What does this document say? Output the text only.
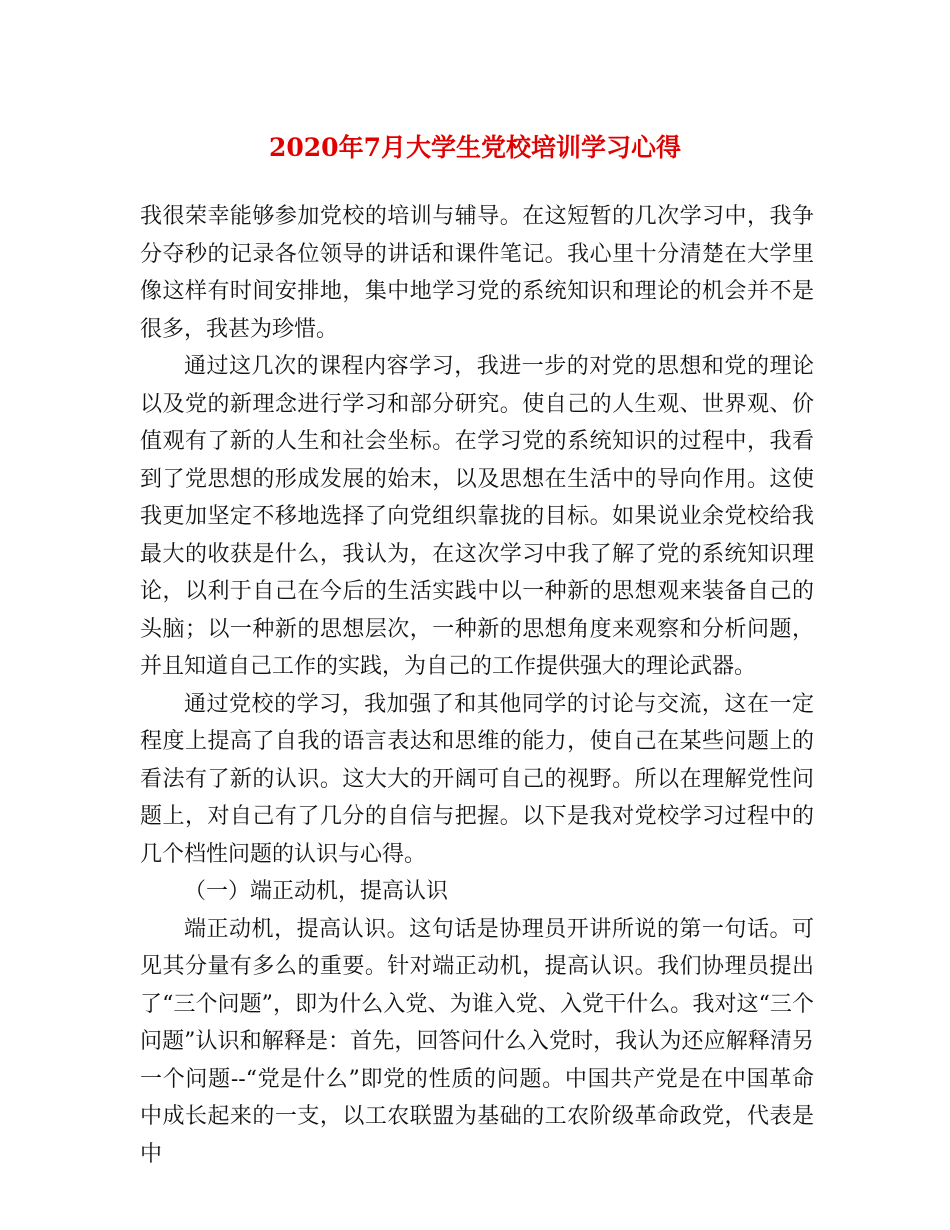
2020年7月大学生党校培训学习心得

我很荣幸能够参加党校的培训与辅导。在这短暂的几次学习中，我争分夺秒的记录各位领导的讲话和课件笔记。我心里十分清楚在大学里像这样有时间安排地，集中地学习党的系统知识和理论的机会并不是很多，我甚为珍惜。

通过这几次的课程内容学习，我进一步的对党的思想和党的理论以及党的新理念进行学习和部分研究。使自己的人生观、世界观、价值观有了新的人生和社会坐标。在学习党的系统知识的过程中，我看到了党思想的形成发展的始末，以及思想在生活中的导向作用。这使我更加坚定不移地选择了向党组织靠拢的目标。如果说业余党校给我最大的收获是什么，我认为，在这次学习中我了解了党的系统知识理论，以利于自己在今后的生活实践中以一种新的思想观来装备自己的头脑；以一种新的思想层次，一种新的思想角度来观察和分析问题，并且知道自己工作的实践，为自己的工作提供强大的理论武器。

通过党校的学习，我加强了和其他同学的讨论与交流，这在一定程度上提高了自我的语言表达和思维的能力，使自己在某些问题上的看法有了新的认识。这大大的开阔可自己的视野。所以在理解党性问题上，对自己有了几分的自信与把握。以下是我对党校学习过程中的几个档性问题的认识与心得。

（一）端正动机，提高认识

端正动机，提高认识。这句话是协理员开讲所说的第一句话。可见其分量有多么的重要。针对端正动机，提高认识。我们协理员提出了“三个问题”，即为什么入党、为谁入党、入党干什么。我对这“三个问题”认识和解释是：首先，回答问什么入党时，我认为还应解释清另一个问题--“党是什么”即党的性质的问题。中国共产党是在中国革命中成长起来的一支，以工农联盟为基础的工农阶级革命政党，代表是中
